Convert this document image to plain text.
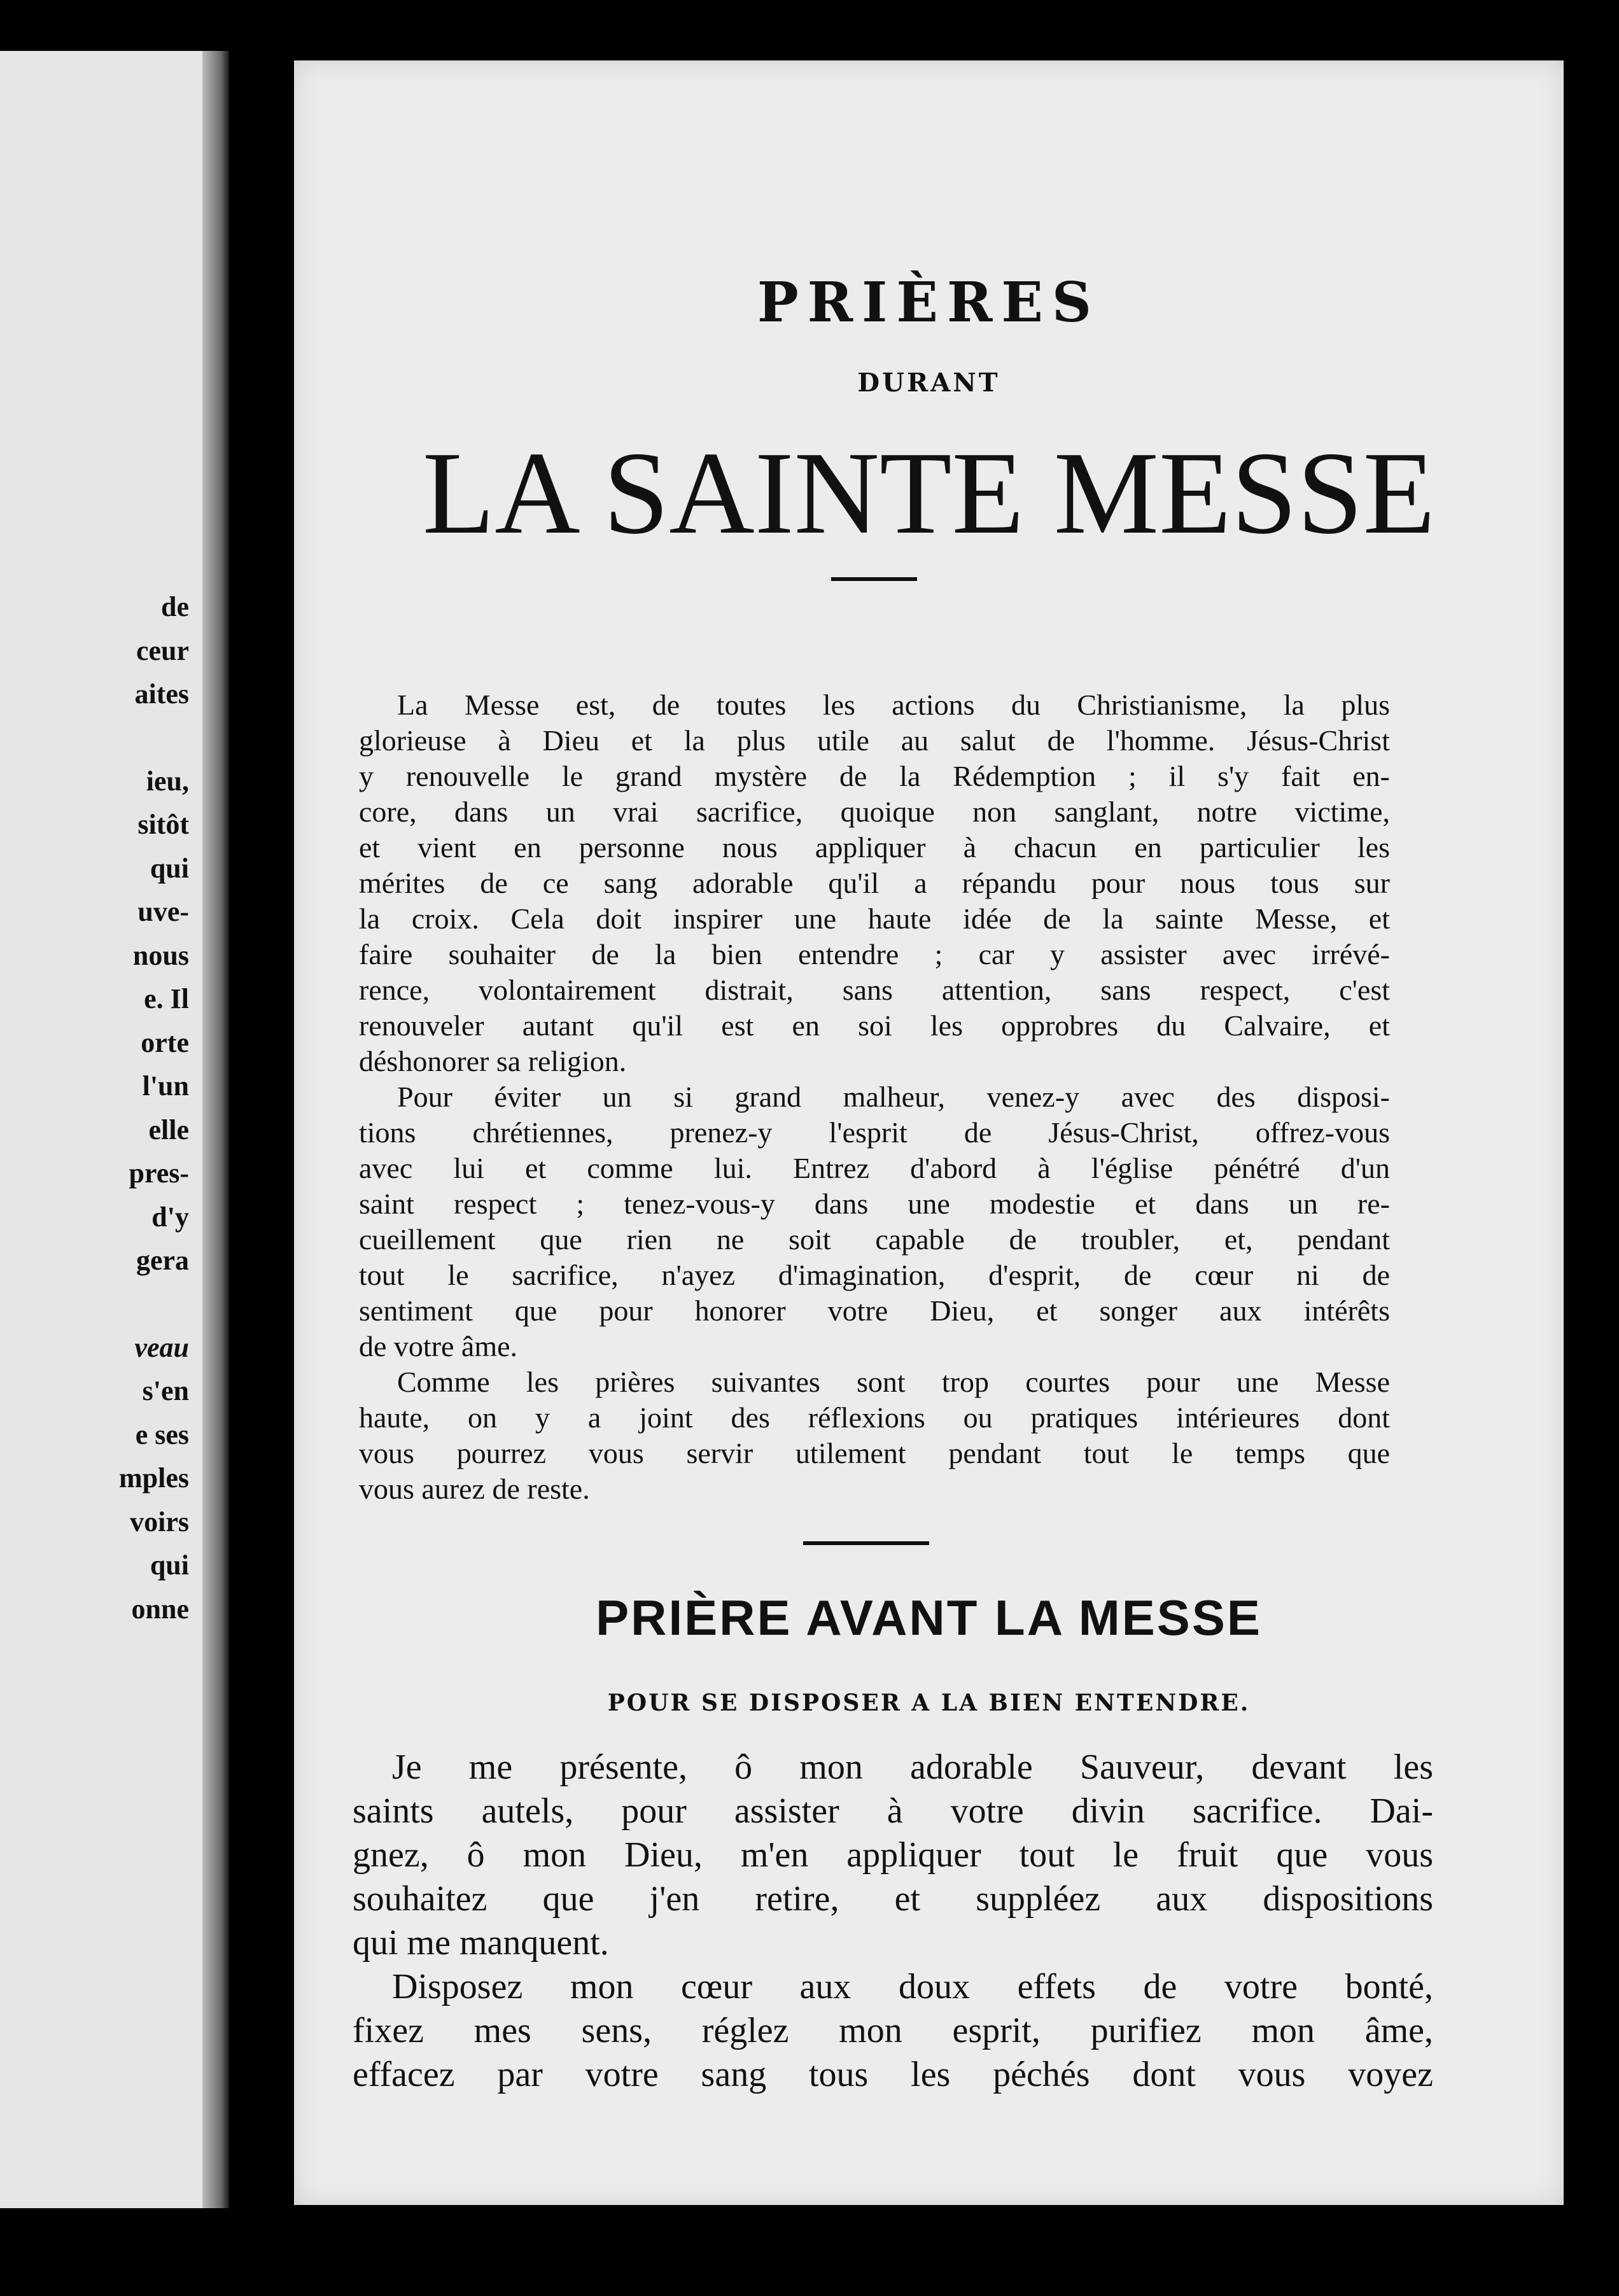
de
ceur
aites
ieu,
sitôt
qui
uve-
nous
e. Il
orte
l'un
elle
pres-
d'y
gera
veau
s'en
e ses
mples
voirs
qui
onne
PRIÈRES
DURANT
LA SAINTE MESSE
La Messe est, de toutes les actions du Christianisme, la plus
glorieuse à Dieu et la plus utile au salut de l'homme. Jésus-Christ
y renouvelle le grand mystère de la Rédemption ; il s'y fait en-
core, dans un vrai sacrifice, quoique non sanglant, notre victime,
et vient en personne nous appliquer à chacun en particulier les
mérites de ce sang adorable qu'il a répandu pour nous tous sur
la croix. Cela doit inspirer une haute idée de la sainte Messe, et
faire souhaiter de la bien entendre ; car y assister avec irrévé-
rence, volontairement distrait, sans attention, sans respect, c'est
renouveler autant qu'il est en soi les opprobres du Calvaire, et
déshonorer sa religion.
Pour éviter un si grand malheur, venez-y avec des disposi-
tions chrétiennes, prenez-y l'esprit de Jésus-Christ, offrez-vous
avec lui et comme lui. Entrez d'abord à l'église pénétré d'un
saint respect ; tenez-vous-y dans une modestie et dans un re-
cueillement que rien ne soit capable de troubler, et, pendant
tout le sacrifice, n'ayez d'imagination, d'esprit, de cœur ni de
sentiment que pour honorer votre Dieu, et songer aux intérêts
de votre âme.
Comme les prières suivantes sont trop courtes pour une Messe
haute, on y a joint des réflexions ou pratiques intérieures dont
vous pourrez vous servir utilement pendant tout le temps que
vous aurez de reste.
PRIÈRE AVANT LA MESSE
POUR SE DISPOSER A LA BIEN ENTENDRE.
Je me présente, ô mon adorable Sauveur, devant les
saints autels, pour assister à votre divin sacrifice. Dai-
gnez, ô mon Dieu, m'en appliquer tout le fruit que vous
souhaitez que j'en retire, et suppléez aux dispositions
qui me manquent.
Disposez mon cœur aux doux effets de votre bonté,
fixez mes sens, réglez mon esprit, purifiez mon âme,
effacez par votre sang tous les péchés dont vous voyez
